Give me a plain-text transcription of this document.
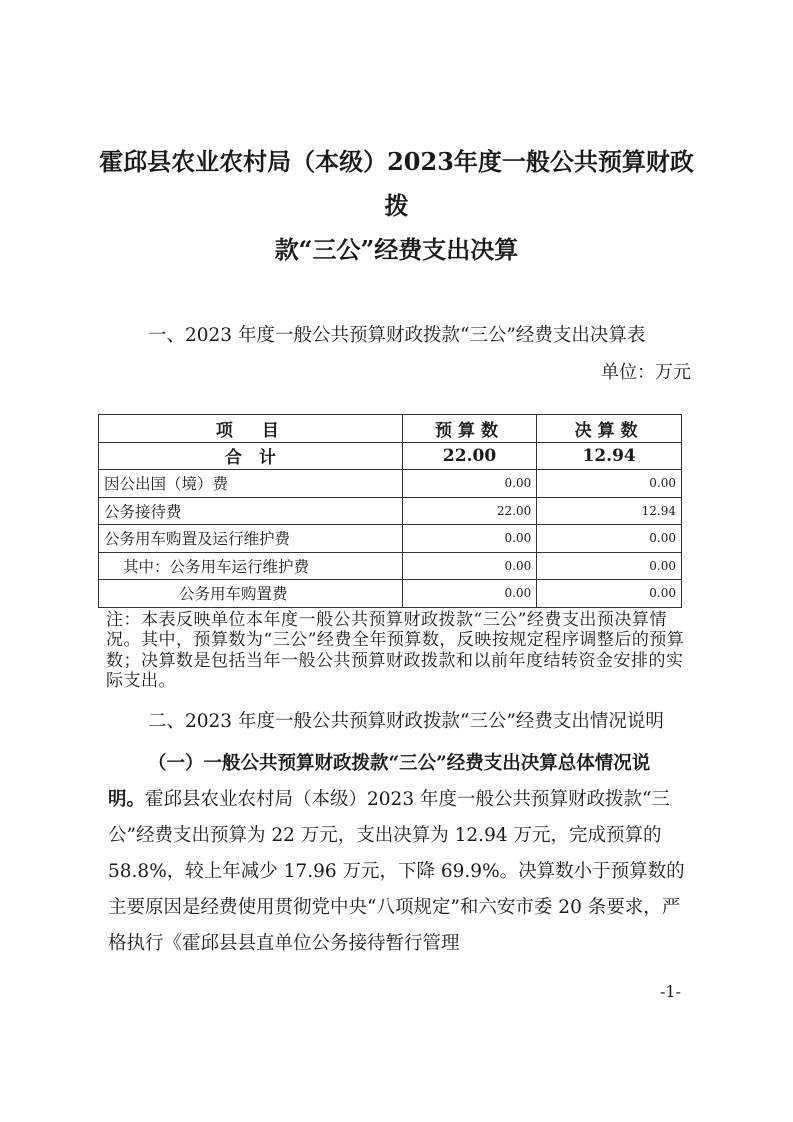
霍邱县农业农村局（本级）2023年度一般公共预算财政拨
款“三公”经费支出决算
一、2023 年度一般公共预算财政拨款“三公”经费支出决算表
单位：万元
项　目	预算数	决算数
合　计	22.00	12.94
因公出国（境）费	0.00	0.00
公务接待费	22.00	12.94
公务用车购置及运行维护费	0.00	0.00
其中：公务用车运行维护费	0.00	0.00
公务用车购置费	0.00	0.00
注：本表反映单位本年度一般公共预算财政拨款“三公”经费支出预决算情况。其中，预算数为“三公”经费全年预算数，反映按规定程序调整后的预算数；决算数是包括当年一般公共预算财政拨款和以前年度结转资金安排的实际支出。
二、2023 年度一般公共预算财政拨款“三公”经费支出情况说明
（一）一般公共预算财政拨款“三公”经费支出决算总体情况说明。霍邱县农业农村局（本级）2023 年度一般公共预算财政拨款“三公”经费支出预算为 22 万元，支出决算为 12.94 万元，完成预算的 58.8%，较上年减少 17.96 万元，下降 69.9%。决算数小于预算数的主要原因是经费使用贯彻党中央“八项规定”和六安市委 20 条要求，严格执行《霍邱县县直单位公务接待暂行管理
-1-
